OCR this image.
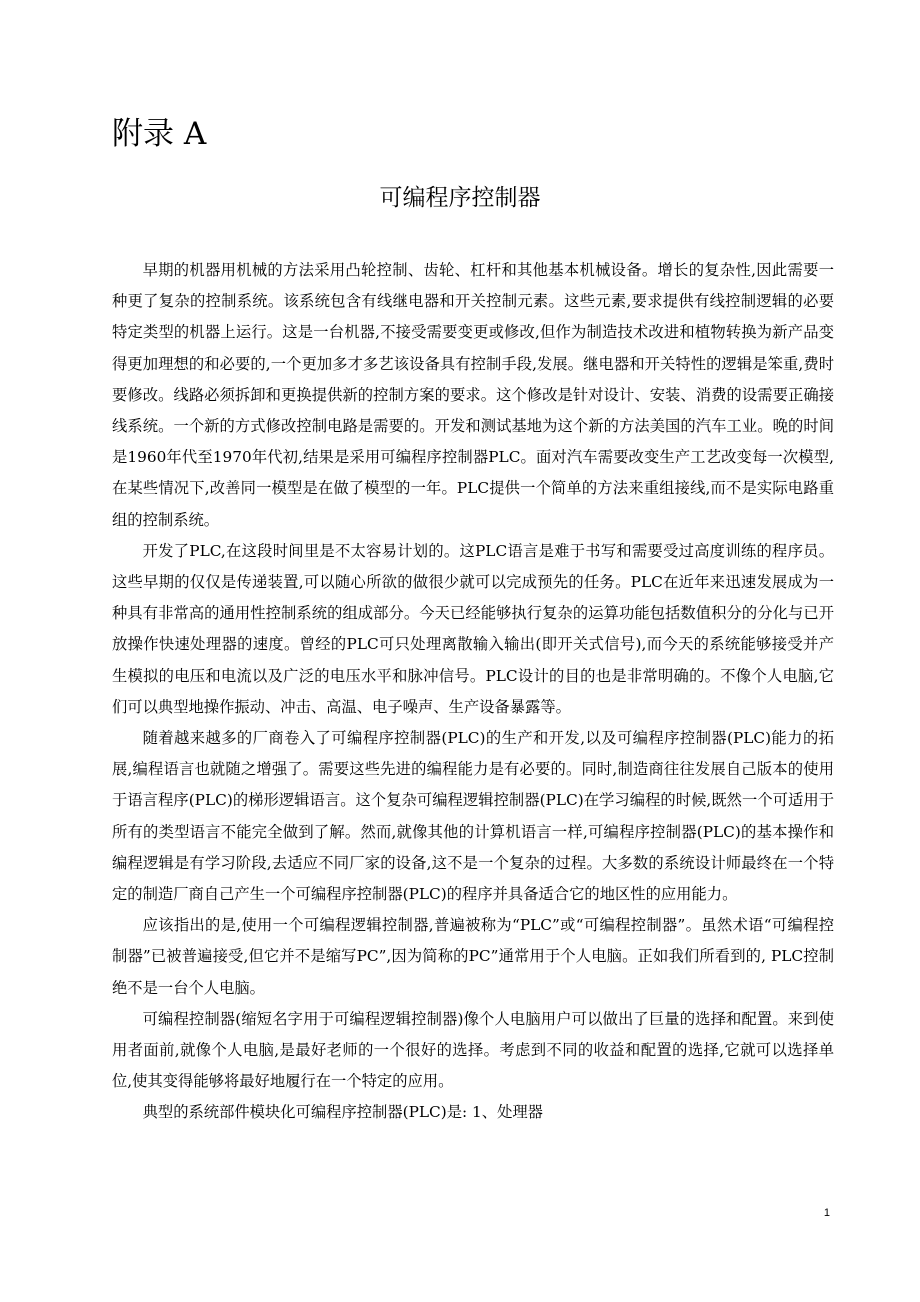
附录 A
可编程序控制器

早期的机器用机械的方法采用凸轮控制、齿轮、杠杆和其他基本机械设备。增长的复杂性,因此需要一种更了复杂的控制系统。该系统包含有线继电器和开关控制元素。这些元素,要求提供有线控制逻辑的必要特定类型的机器上运行。这是一台机器,不接受需要变更或修改,但作为制造技术改进和植物转换为新产品变得更加理想的和必要的,一个更加多才多艺该设备具有控制手段,发展。继电器和开关特性的逻辑是笨重,费时要修改。线路必须拆卸和更换提供新的控制方案的要求。这个修改是针对设计、安装、消费的设需要正确接线系统。一个新的方式修改控制电路是需要的。开发和测试基地为这个新的方法美国的汽车工业。晚的时间是1960年代至1970年代初,结果是采用可编程序控制器PLC。面对汽车需要改变生产工艺改变每一次模型,在某些情况下,改善同一模型是在做了模型的一年。PLC提供一个简单的方法来重组接线,而不是实际电路重组的控制系统。

开发了PLC,在这段时间里是不太容易计划的。这PLC语言是难于书写和需要受过高度训练的程序员。这些早期的仅仅是传递装置,可以随心所欲的做很少就可以完成预先的任务。PLC在近年来迅速发展成为一种具有非常高的通用性控制系统的组成部分。今天已经能够执行复杂的运算功能包括数值积分的分化与已开放操作快速处理器的速度。曾经的PLC可只处理离散输入输出(即开关式信号),而今天的系统能够接受并产生模拟的电压和电流以及广泛的电压水平和脉冲信号。PLC设计的目的也是非常明确的。不像个人电脑,它们可以典型地操作振动、冲击、高温、电子噪声、生产设备暴露等。

随着越来越多的厂商卷入了可编程序控制器(PLC)的生产和开发,以及可编程序控制器(PLC)能力的拓展,编程语言也就随之增强了。需要这些先进的编程能力是有必要的。同时,制造商往往发展自己版本的使用于语言程序(PLC)的梯形逻辑语言。这个复杂可编程逻辑控制器(PLC)在学习编程的时候,既然一个可适用于所有的类型语言不能完全做到了解。然而,就像其他的计算机语言一样,可编程序控制器(PLC)的基本操作和编程逻辑是有学习阶段,去适应不同厂家的设备,这不是一个复杂的过程。大多数的系统设计师最终在一个特定的制造厂商自己产生一个可编程序控制器(PLC)的程序并具备适合它的地区性的应用能力。

应该指出的是,使用一个可编程逻辑控制器,普遍被称为“PLC”或“可编程控制器”。虽然术语“可编程控制器”已被普遍接受,但它并不是缩写PC”,因为简称的PC”通常用于个人电脑。正如我们所看到的, PLC控制绝不是一台个人电脑。

可编程控制器(缩短名字用于可编程逻辑控制器)像个人电脑用户可以做出了巨量的选择和配置。来到使用者面前,就像个人电脑,是最好老师的一个很好的选择。考虑到不同的收益和配置的选择,它就可以选择单位,使其变得能够将最好地履行在一个特定的应用。

典型的系统部件模块化可编程序控制器(PLC)是: 1、处理器

1
